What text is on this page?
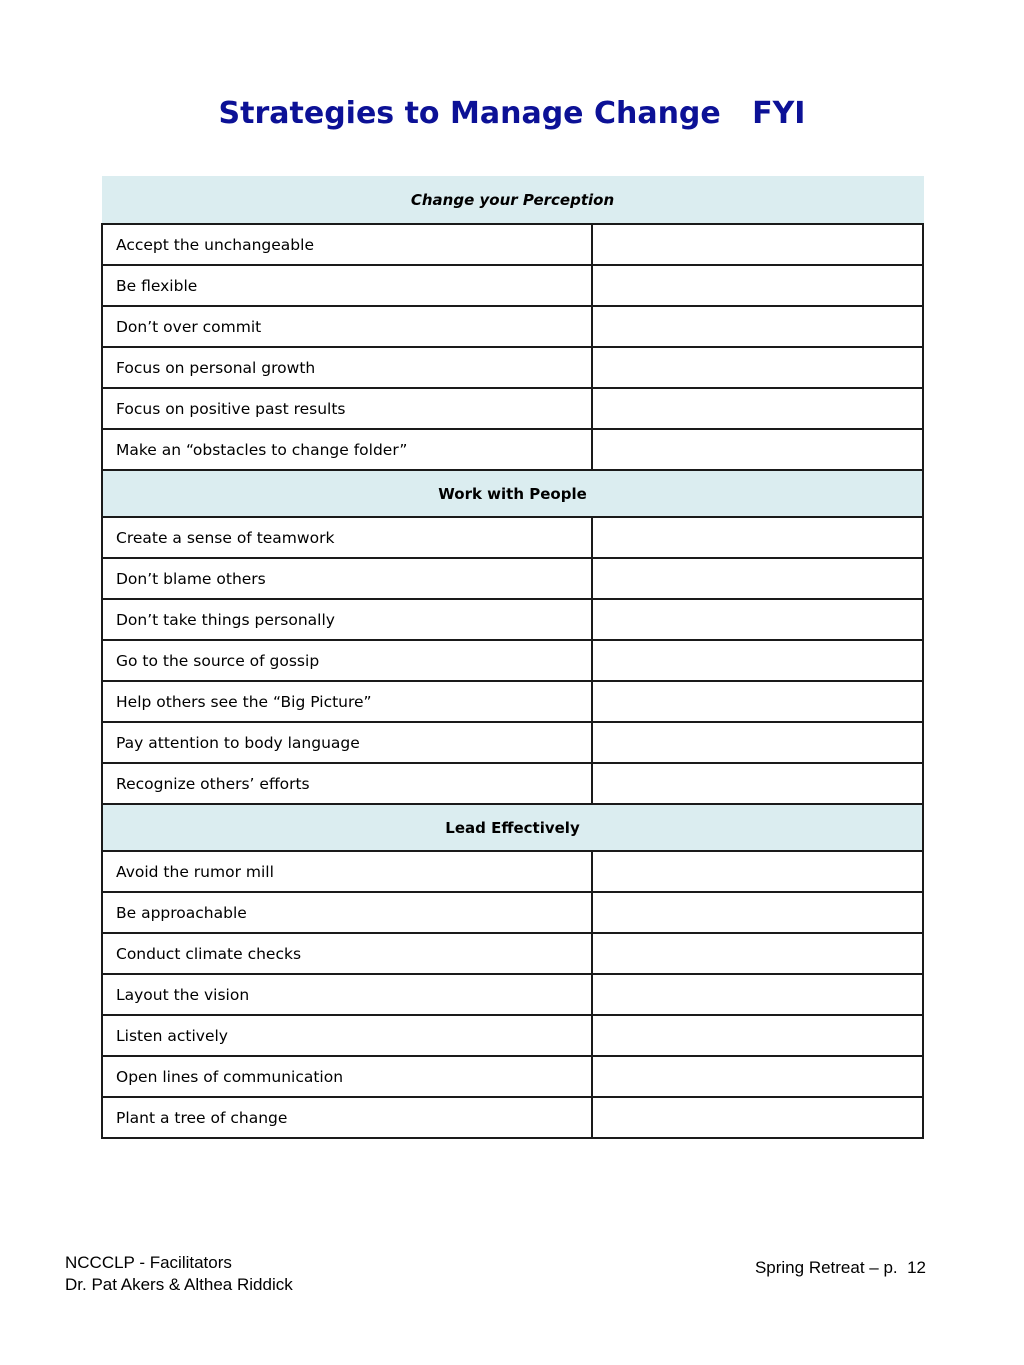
Strategies to Manage Change   FYI
Change your Perception	
Accept the unchangeable	
Be flexible	
Don’t over commit	
Focus on personal growth	
Focus on positive past results	
Make an “obstacles to change folder”	
Work with People	
Create a sense of teamwork	
Don’t blame others	
Don’t take things personally	
Go to the source of gossip	
Help others see the “Big Picture”	
Pay attention to body language	
Recognize others’ efforts	
Lead Effectively	
Avoid the rumor mill	
Be approachable	
Conduct climate checks	
Layout the vision	
Listen actively	
Open lines of communication	
Plant a tree of change	
NCCCLP - Facilitators
Dr. Pat Akers & Althea Riddick
Spring Retreat – p.  12
